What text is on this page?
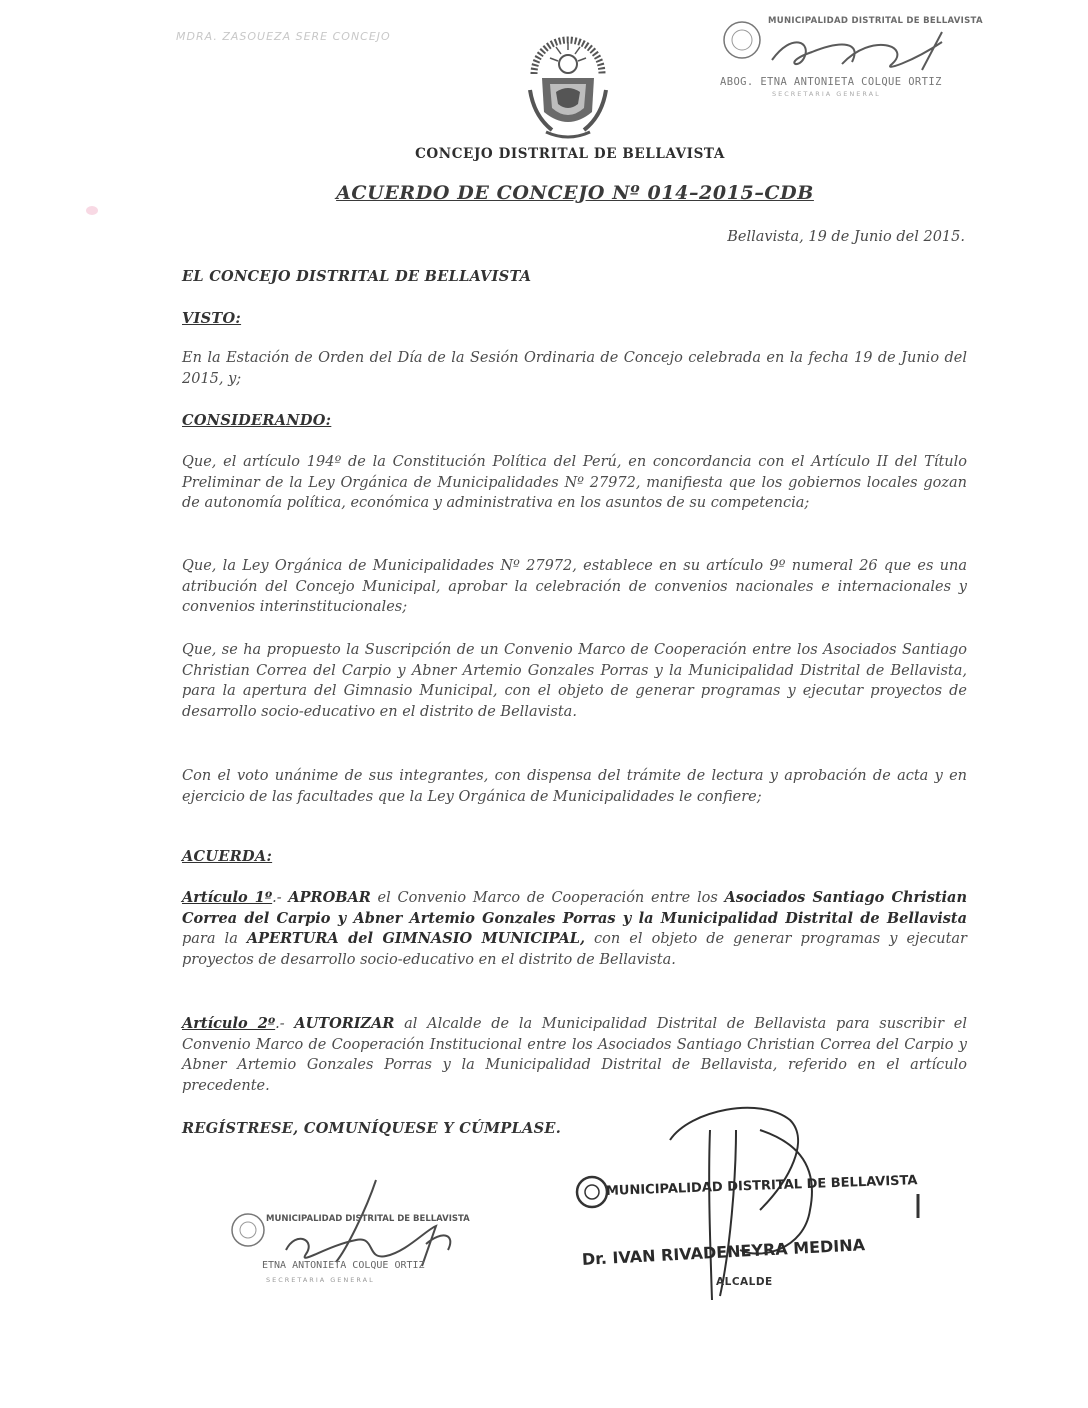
MDRA. ZASOUEZA SERE CONCEJO
MUNICIPALIDAD DISTRITAL DE BELLAVISTA
ABOG. ETNA ANTONIETA COLQUE ORTIZ
SECRETARIA GENERAL
CONCEJO DISTRITAL DE BELLAVISTA
ACUERDO DE CONCEJO Nº 014–2015–CDB
Bellavista, 19 de Junio del 2015.
EL CONCEJO DISTRITAL DE BELLAVISTA
VISTO:
En la Estación de Orden del Día de la Sesión Ordinaria de Concejo celebrada en la fecha 19 de Junio del 2015, y;
CONSIDERANDO:
Que, el artículo 194º de la Constitución Política del Perú, en concordancia con el Artículo II del Título Preliminar de la Ley Orgánica de Municipalidades Nº 27972, manifiesta que los gobiernos locales gozan de autonomía política, económica y administrativa en los asuntos de su competencia;
Que, la Ley Orgánica de Municipalidades Nº 27972, establece en su artículo 9º numeral 26 que es una atribución del Concejo Municipal, aprobar la celebración de convenios nacionales e internacionales y convenios interinstitucionales;
Que, se ha propuesto la Suscripción de un Convenio Marco de Cooperación entre los Asociados Santiago Christian Correa del Carpio y Abner Artemio Gonzales Porras y la Municipalidad Distrital de Bellavista, para la apertura del Gimnasio Municipal, con el objeto de generar programas y ejecutar proyectos de desarrollo socio-educativo en el distrito de Bellavista.
Con el voto unánime de sus integrantes, con dispensa del trámite de lectura y aprobación de acta y en ejercicio de las facultades que la Ley Orgánica de Municipalidades le confiere;
ACUERDA:
Artículo 1º.- APROBAR el Convenio Marco de Cooperación entre los Asociados Santiago Christian Correa del Carpio y Abner Artemio Gonzales Porras y la Municipalidad Distrital de Bellavista para la APERTURA del GIMNASIO MUNICIPAL, con el objeto de generar programas y ejecutar proyectos de desarrollo socio-educativo en el distrito de Bellavista.
Artículo 2º.- AUTORIZAR al Alcalde de la Municipalidad Distrital de Bellavista para suscribir el Convenio Marco de Cooperación Institucional entre los Asociados Santiago Christian Correa del Carpio y Abner Artemio Gonzales Porras y la Municipalidad Distrital de Bellavista, referido en el artículo precedente.
REGÍSTRESE, COMUNÍQUESE Y CÚMPLASE.
MUNICIPALIDAD DISTRITAL DE BELLAVISTA
ETNA ANTONIETA COLQUE ORTIZ
SECRETARIA GENERAL
MUNICIPALIDAD DISTRITAL DE BELLAVISTA
Dr. IVAN RIVADENEYRA MEDINA
ALCALDE
